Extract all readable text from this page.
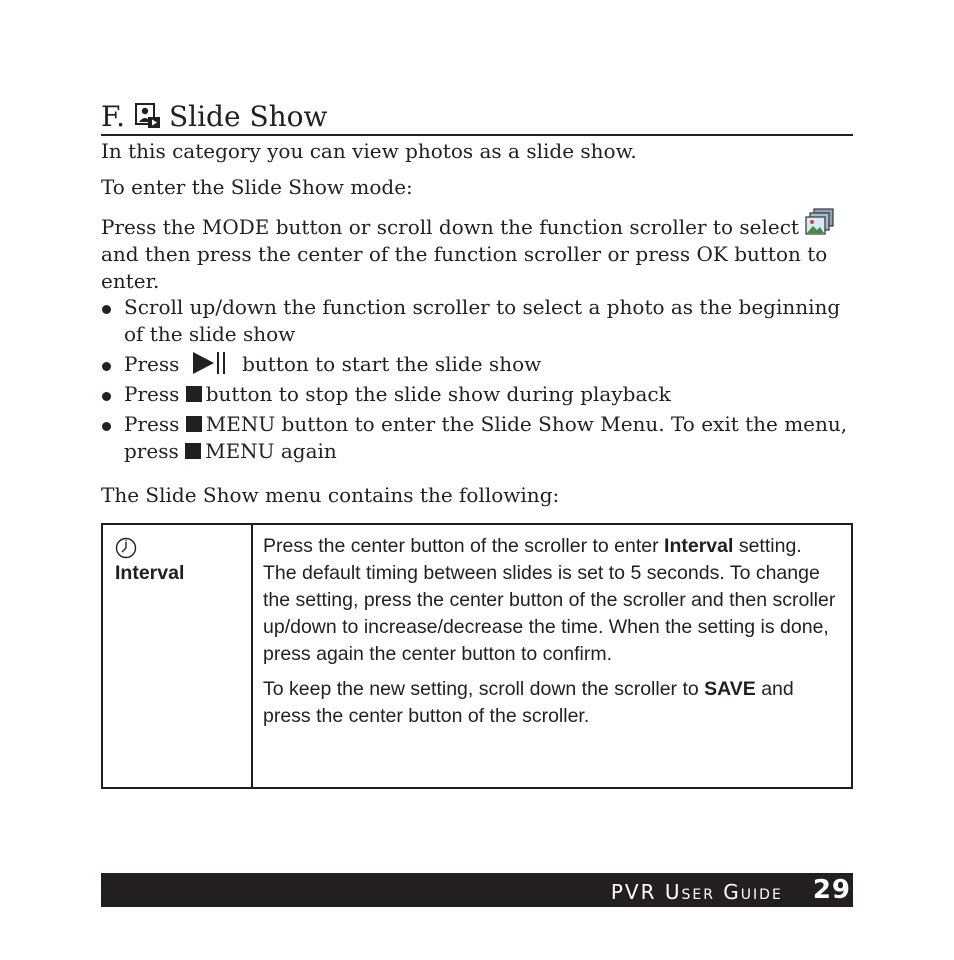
F. Slide Show

In this category you can view photos as a slide show.

To enter the Slide Show mode:

Press the MODE button or scroll down the function scroller to select  and then press the center of the function scroller or press OK button to enter.

Scroll up/down the function scroller to select a photo as the beginning of the slide show
Press	button to start the slide show
Press button to stop the slide show during playback
Press MENU button to enter the Slide Show Menu. To exit the menu,
press MENU again

The Slide Show menu contains the following:

Interval

Press the center button of the scroller to enter Interval setting.
The default timing between slides is set to 5 seconds. To change the setting, press the center button of the scroller and then scroller up/down to increase/decrease the time. When the setting is done, press again the center button to confirm.

To keep the new setting, scroll down the scroller to SAVE and press the center button of the scroller.

PVR User Guide 29
